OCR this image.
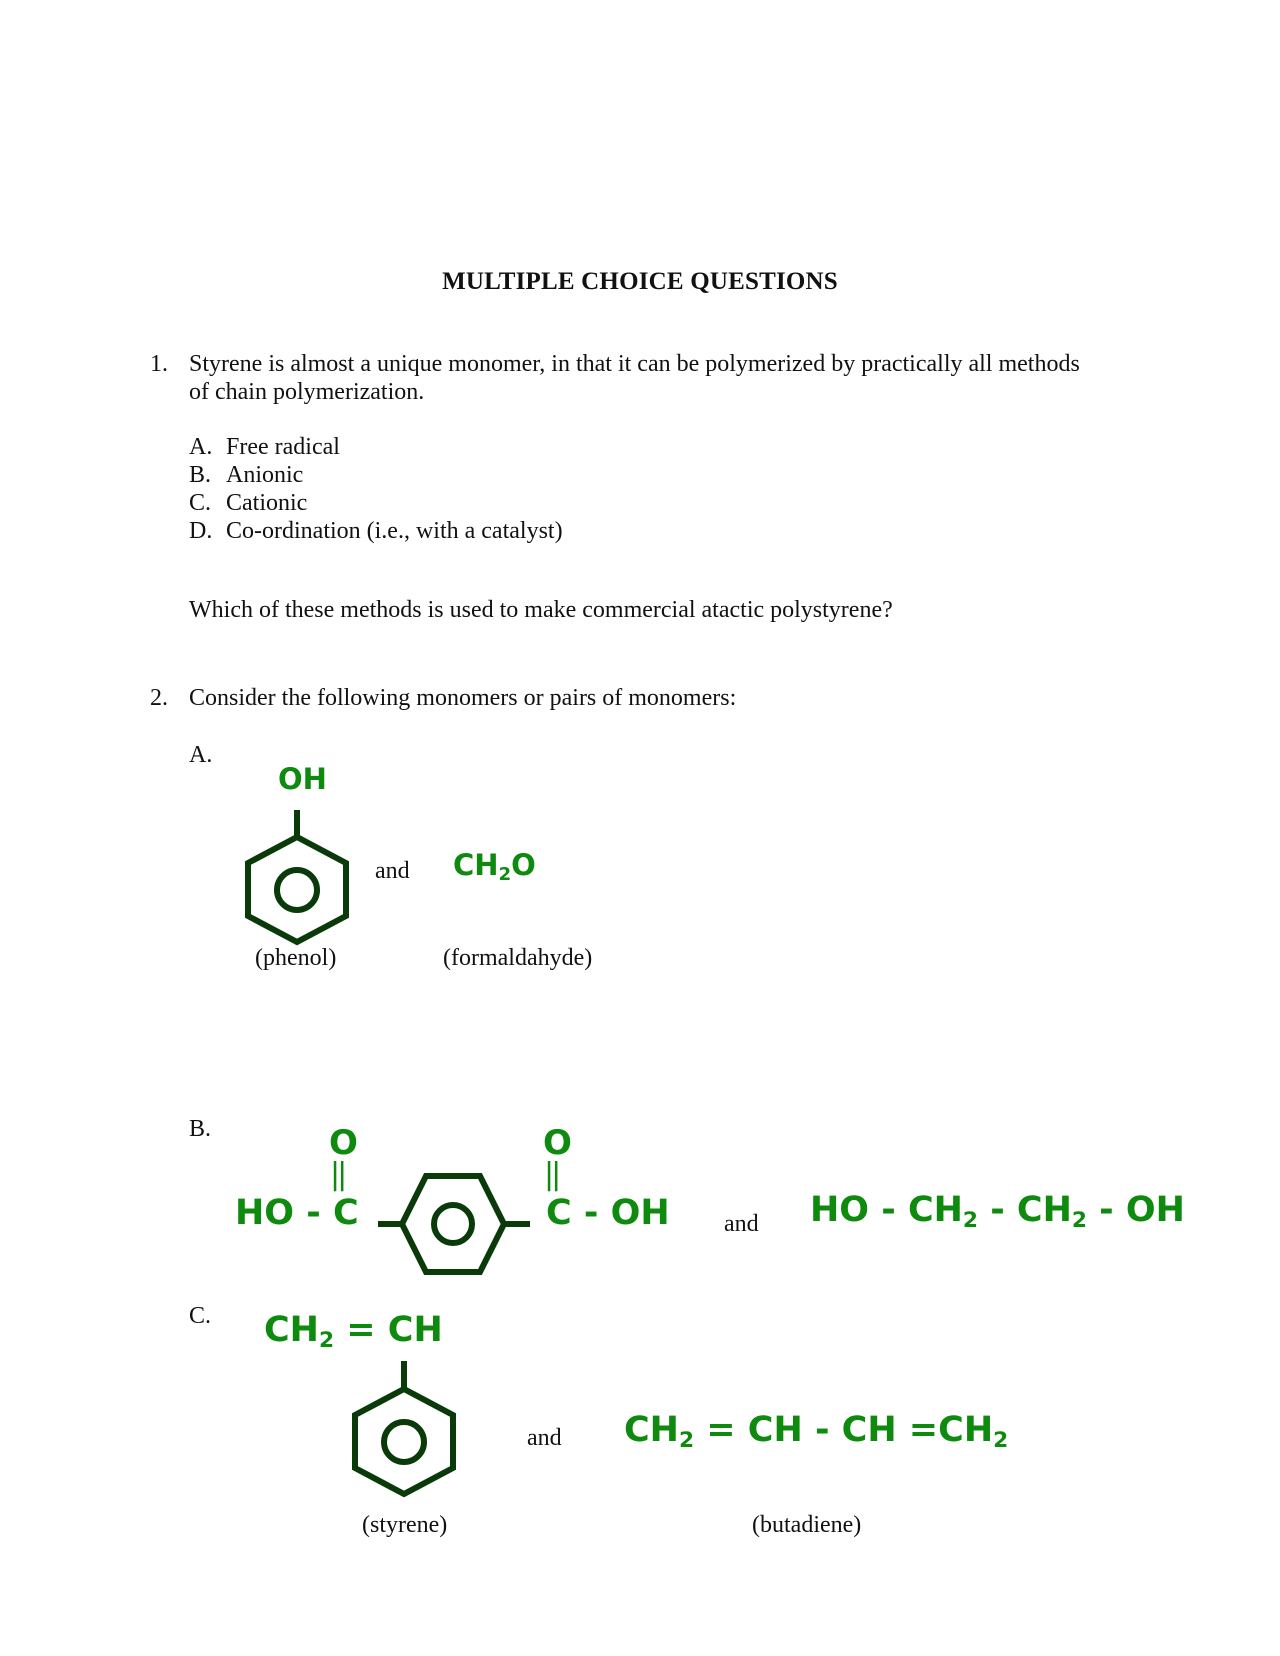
MULTIPLE CHOICE QUESTIONS
1. Styrene is almost a unique monomer, in that it can be polymerized by practically all methods
of chain polymerization.
A. Free radical
B. Anionic
C. Cationic
D. Co-ordination (i.e., with a catalyst)
Which of these methods is used to make commercial atactic polystyrene?
2. Consider the following monomers or pairs of monomers:
A.
OH
and $CH_2O$
(phenol)	(formaldahyde)
B.	O
||
O
||
HO - C	C - OH and HO - $CH_2 - CH_2$ - OH
C. $CH_2$ = CH
and $CH_2$ = CH - CH $=CH_2$
(styrene)	(butadiene)
